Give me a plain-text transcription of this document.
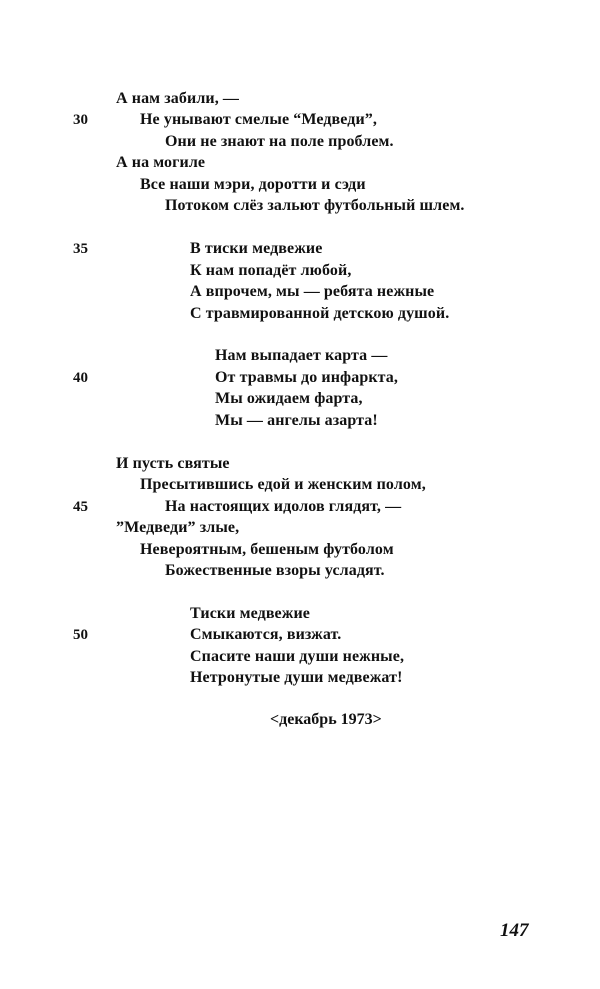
А нам забили, —
30	Не унывают смелые “Медведи”,
Они не знают на поле проблем.
А на могиле
Все наши мэри, доротти и сэди
Потоком слёз зальют футбольный шлем.
35	В тиски медвежие
К нам попадёт любой,
А впрочем, мы — ребята нежные
С травмированной детскою душой.
Нам выпадает карта —
40	От травмы до инфаркта,
Мы ожидаем фарта,
Мы — ангелы азарта!
И пусть святые
Пресытившись едой и женским полом,
45	На настоящих идолов глядят, —
”Медведи” злые,
Невероятным, бешеным футболом
Божественные взоры усладят.
Тиски медвежие
50	Смыкаются, визжат.
Спасите наши души нежные,
Нетронутые души медвежат!
<декабрь 1973>
147
